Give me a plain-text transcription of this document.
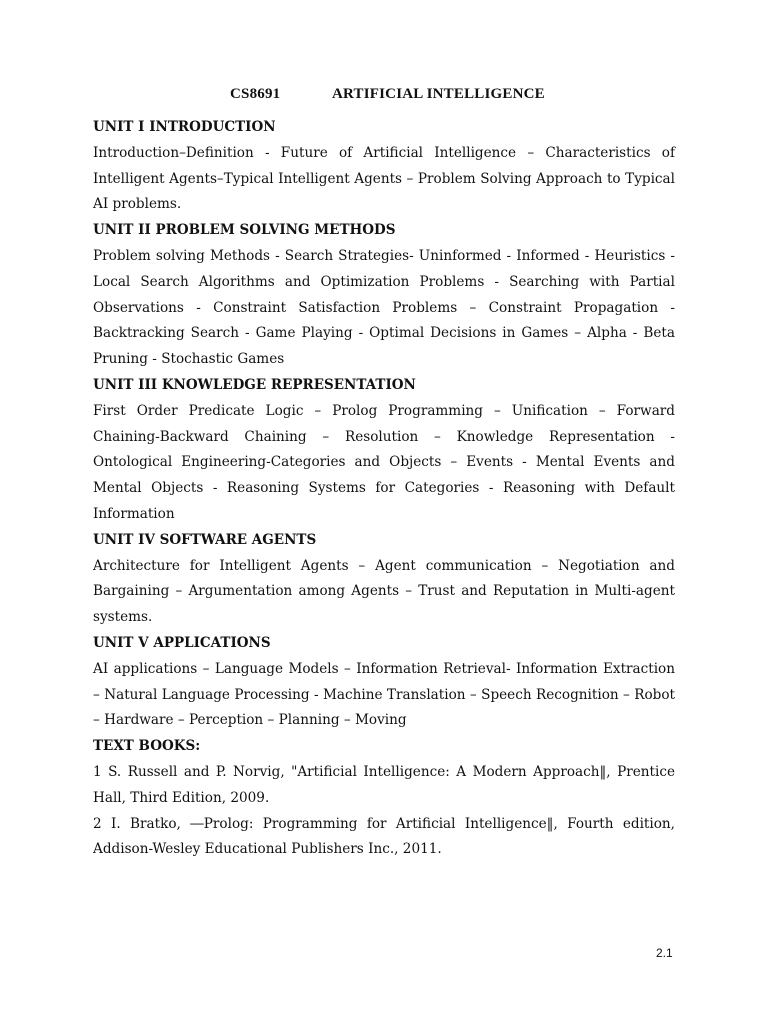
CS8691	ARTIFICIAL INTELLIGENCE

UNIT I INTRODUCTION

Introduction–Definition - Future of Artificial Intelligence – Characteristics of Intelligent Agents–Typical Intelligent Agents – Problem Solving Approach to Typical AI problems.

UNIT II PROBLEM SOLVING METHODS

Problem solving Methods - Search Strategies- Uninformed - Informed - Heuristics - Local Search Algorithms and Optimization Problems - Searching with Partial Observations - Constraint Satisfaction Problems – Constraint Propagation - Backtracking Search - Game Playing - Optimal Decisions in Games – Alpha - Beta Pruning - Stochastic Games

UNIT III KNOWLEDGE REPRESENTATION

First Order Predicate Logic – Prolog Programming – Unification – Forward Chaining-Backward Chaining – Resolution – Knowledge Representation - Ontological Engineering-Categories and Objects – Events - Mental Events and Mental Objects - Reasoning Systems for Categories - Reasoning with Default Information

UNIT IV SOFTWARE AGENTS

Architecture for Intelligent Agents – Agent communication – Negotiation and Bargaining – Argumentation among Agents – Trust and Reputation in Multi-agent systems.

UNIT V APPLICATIONS

AI applications – Language Models – Information Retrieval- Information Extraction – Natural Language Processing - Machine Translation – Speech Recognition – Robot – Hardware – Perception – Planning – Moving

TEXT BOOKS:

1 S. Russell and P. Norvig, "Artificial Intelligence: A Modern Approach‖, Prentice Hall, Third Edition, 2009.

2 I. Bratko, ―Prolog: Programming for Artificial Intelligence‖, Fourth edition, Addison-Wesley Educational Publishers Inc., 2011.

2.1
